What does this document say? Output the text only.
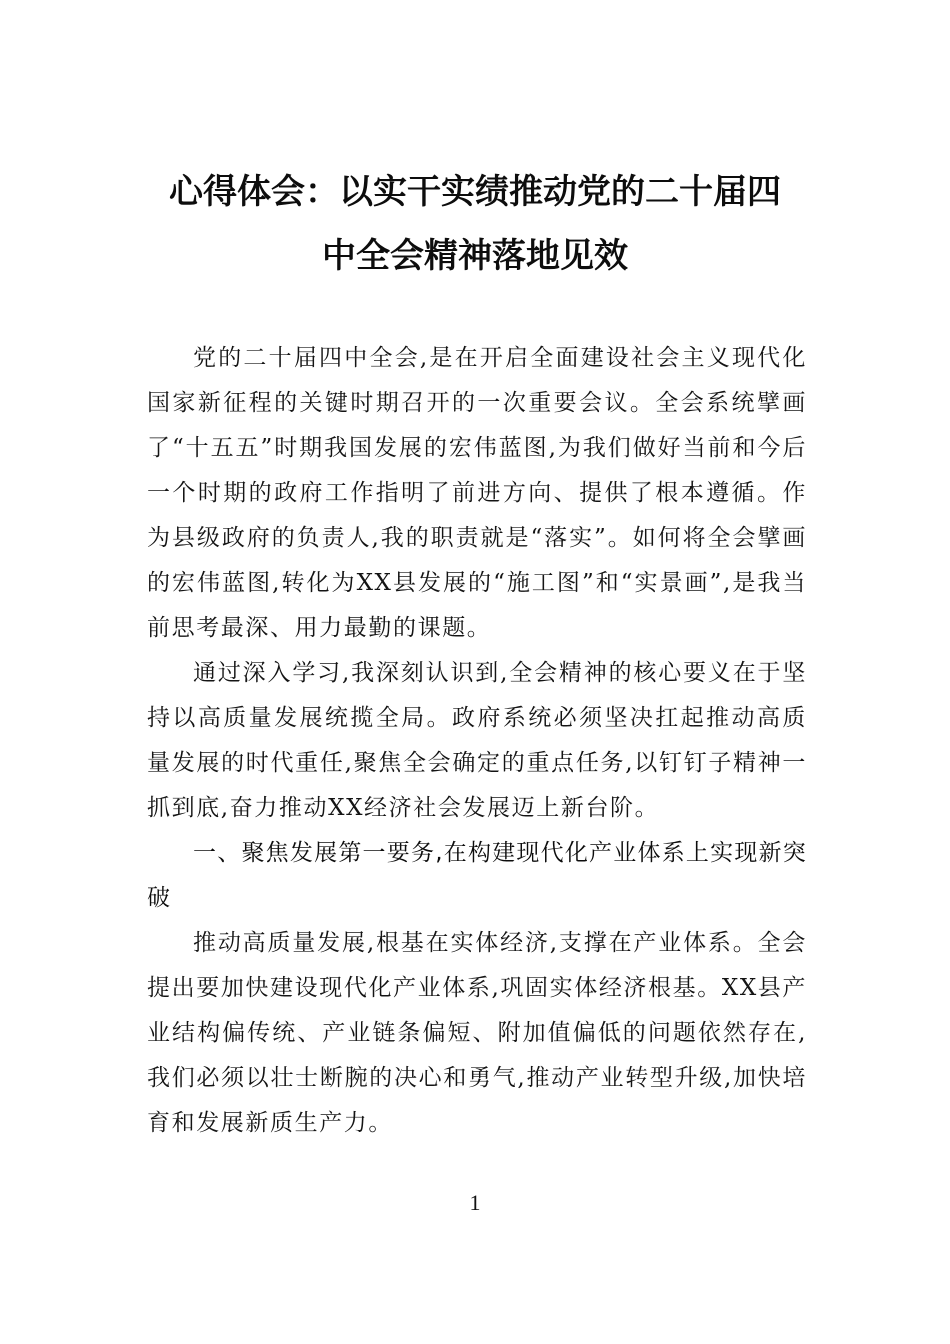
心得体会：以实干实绩推动党的二十届四
中全会精神落地见效

党的二十届四中全会,是在开启全面建设社会主义现代化国家新征程的关键时期召开的一次重要会议。全会系统擘画了“十五五”时期我国发展的宏伟蓝图,为我们做好当前和今后一个时期的政府工作指明了前进方向、提供了根本遵循。作为县级政府的负责人,我的职责就是“落实”。如何将全会擘画的宏伟蓝图,转化为XX县发展的“施工图”和“实景画”,是我当前思考最深、用力最勤的课题。

通过深入学习,我深刻认识到,全会精神的核心要义在于坚持以高质量发展统揽全局。政府系统必须坚决扛起推动高质量发展的时代重任,聚焦全会确定的重点任务,以钉钉子精神一抓到底,奋力推动XX经济社会发展迈上新台阶。

一、聚焦发展第一要务,在构建现代化产业体系上实现新突破

推动高质量发展,根基在实体经济,支撑在产业体系。全会提出要加快建设现代化产业体系,巩固实体经济根基。XX县产业结构偏传统、产业链条偏短、附加值偏低的问题依然存在,我们必须以壮士断腕的决心和勇气,推动产业转型升级,加快培育和发展新质生产力。

1
